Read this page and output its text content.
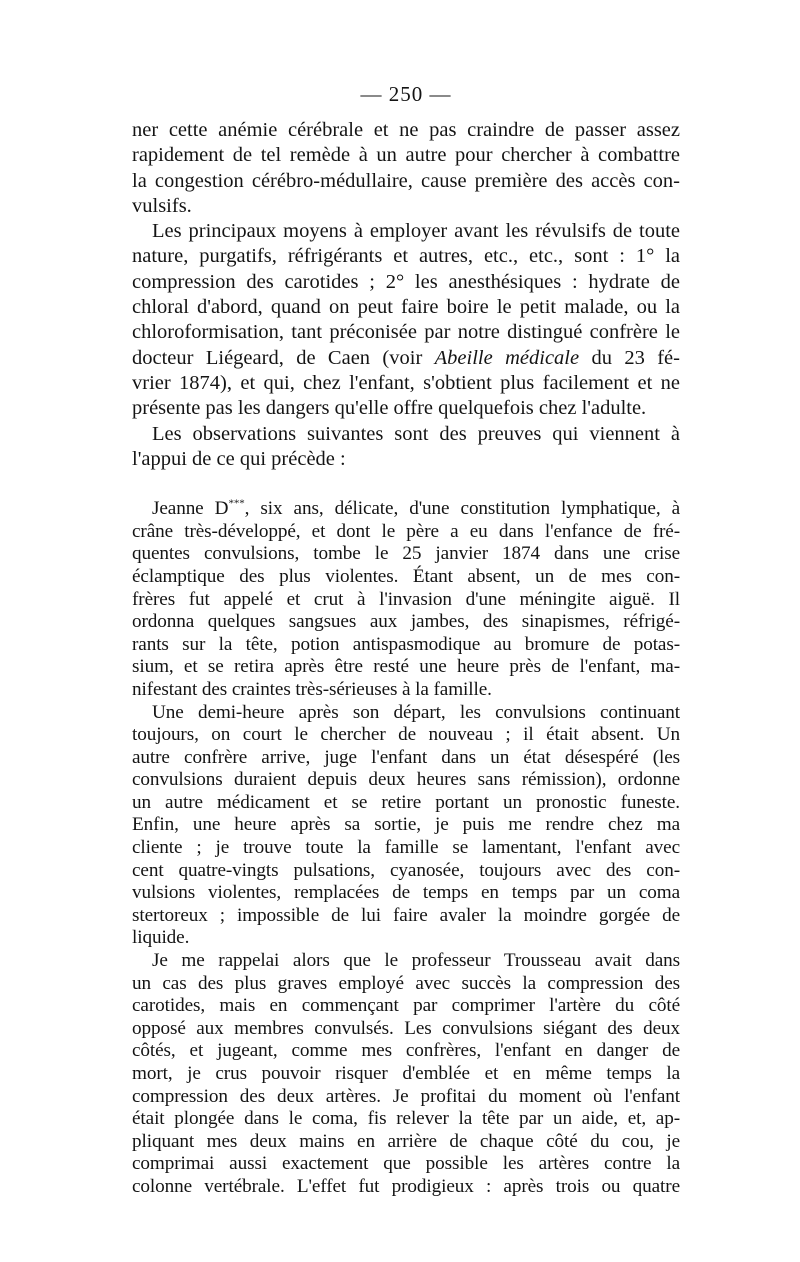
— 250 —
ner cette anémie cérébrale et ne pas craindre de passer assez
rapidement de tel remède à un autre pour chercher à combattre
la congestion cérébro-médullaire, cause première des accès con-
vulsifs.
Les principaux moyens à employer avant les révulsifs de toute
nature, purgatifs, réfrigérants et autres, etc., etc., sont : 1° la
compression des carotides ; 2° les anesthésiques : hydrate de
chloral d'abord, quand on peut faire boire le petit malade, ou la
chloroformisation, tant préconisée par notre distingué confrère le
docteur Liégeard, de Caen (voir Abeille médicale du 23 fé-
vrier 1874), et qui, chez l'enfant, s'obtient plus facilement et ne
présente pas les dangers qu'elle offre quelquefois chez l'adulte.
Les observations suivantes sont des preuves qui viennent à
l'appui de ce qui précède :
Jeanne D***, six ans, délicate, d'une constitution lymphatique, à
crâne très-développé, et dont le père a eu dans l'enfance de fré-
quentes convulsions, tombe le 25 janvier 1874 dans une crise
éclamptique des plus violentes. Étant absent, un de mes con-
frères fut appelé et crut à l'invasion d'une méningite aiguë. Il
ordonna quelques sangsues aux jambes, des sinapismes, réfrigé-
rants sur la tête, potion antispasmodique au bromure de potas-
sium, et se retira après être resté une heure près de l'enfant, ma-
nifestant des craintes très-sérieuses à la famille.
Une demi-heure après son départ, les convulsions continuant
toujours, on court le chercher de nouveau ; il était absent. Un
autre confrère arrive, juge l'enfant dans un état désespéré (les
convulsions duraient depuis deux heures sans rémission), ordonne
un autre médicament et se retire portant un pronostic funeste.
Enfin, une heure après sa sortie, je puis me rendre chez ma
cliente ; je trouve toute la famille se lamentant, l'enfant avec
cent quatre-vingts pulsations, cyanosée, toujours avec des con-
vulsions violentes, remplacées de temps en temps par un coma
stertoreux ; impossible de lui faire avaler la moindre gorgée de
liquide.
Je me rappelai alors que le professeur Trousseau avait dans
un cas des plus graves employé avec succès la compression des
carotides, mais en commençant par comprimer l'artère du côté
opposé aux membres convulsés. Les convulsions siégant des deux
côtés, et jugeant, comme mes confrères, l'enfant en danger de
mort, je crus pouvoir risquer d'emblée et en même temps la
compression des deux artères. Je profitai du moment où l'enfant
était plongée dans le coma, fis relever la tête par un aide, et, ap-
pliquant mes deux mains en arrière de chaque côté du cou, je
comprimai aussi exactement que possible les artères contre la
colonne vertébrale. L'effet fut prodigieux : après trois ou quatre
